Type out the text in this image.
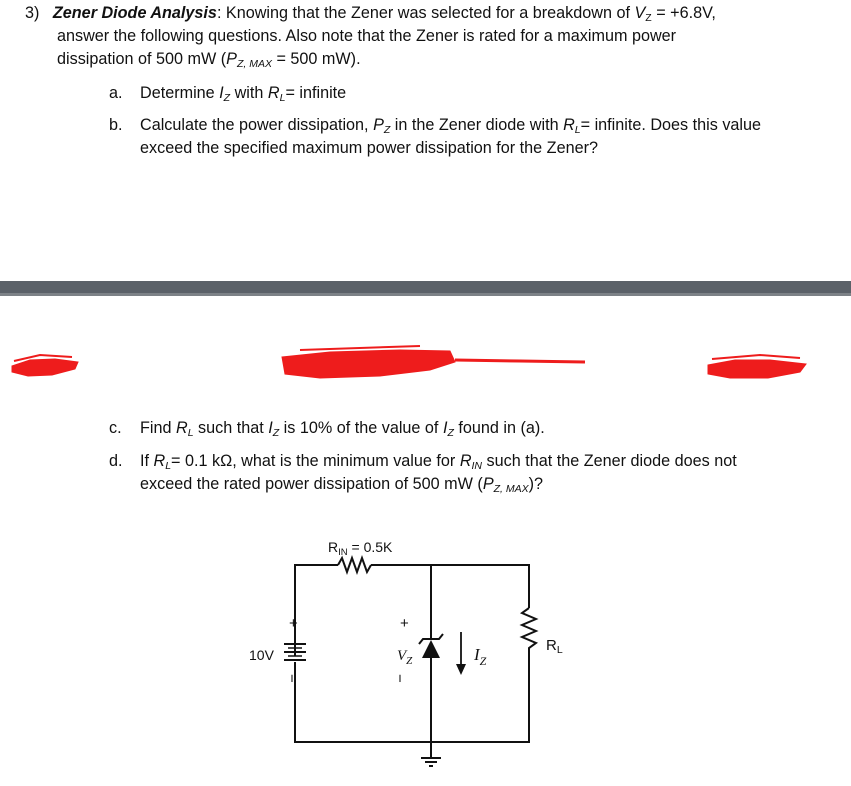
3) Zener Diode Analysis: Knowing that the Zener was selected for a breakdown of $V_Z = +6.8V$,
answer the following questions. Also note that the Zener is rated for a maximum power
dissipation of 500 mW ($P_{Z, MAX} = 500$ mW).
a. Determine $I_Z$ with $R_L=$ infinite
b. Calculate the power dissipation, $P_Z$ in the Zener diode with $R_L=$ infinite. Does this value
exceed the specified maximum power dissipation for the Zener?
c. Find $R_L$ such that $I_Z$ is 10% of the value of $I_Z$ found in (a).
d. If $R_L= 0.1$ kΩ, what is the minimum value for $R_{IN}$ such that the Zener diode does not
exceed the rated power dissipation of 500 mW $(P_{Z, MAX})$?
+
−
+
−
$R_{IN} = 0.5K$
10V	$V_Z$	$I_Z$
$R_L$
